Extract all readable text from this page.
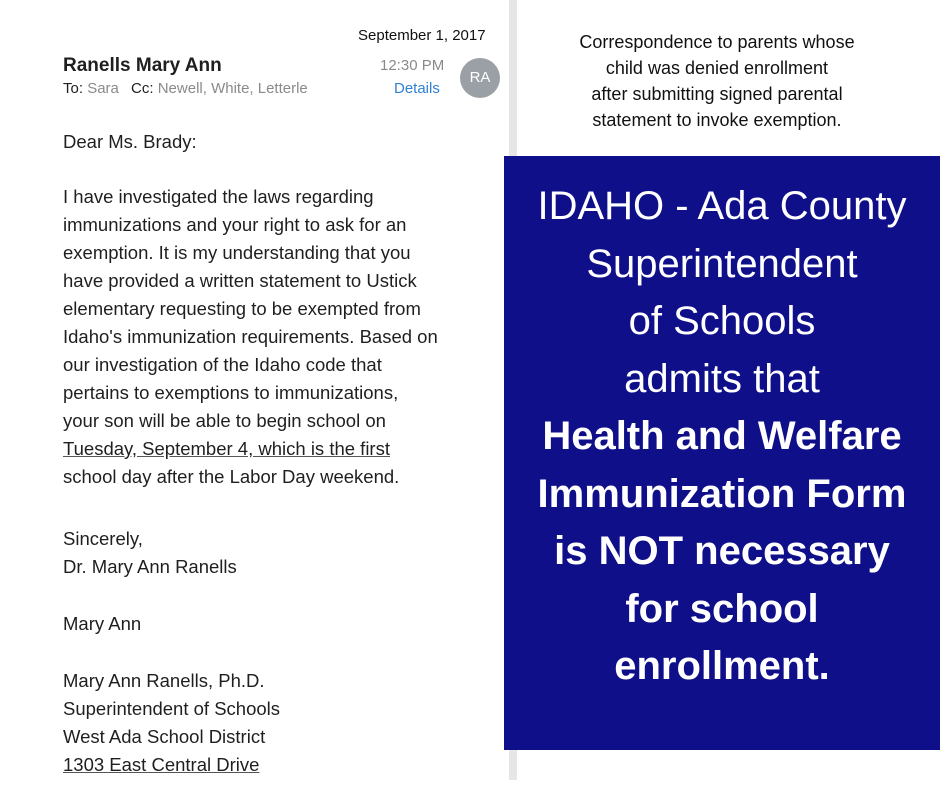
September 1, 2017
Ranells Mary Ann	12:30 PM
RA
To: Sara Cc: Newell, White, Letterle	Details
Dear Ms. Brady:
I have investigated the laws regarding
immunizations and your right to ask for an
exemption. It is my understanding that you
have provided a written statement to Ustick
elementary requesting to be exempted from
Idaho's immunization requirements. Based on
our investigation of the Idaho code that
pertains to exemptions to immunizations,
your son will be able to begin school on
Tuesday, September 4, which is the first
school day after the Labor Day weekend.
Sincerely,
Dr. Mary Ann Ranells
Mary Ann
Mary Ann Ranells, Ph.D.
Superintendent of Schools
West Ada School District
1303 East Central Drive
Correspondence to parents whose
child was denied enrollment
after submitting signed parental
statement to invoke exemption.
IDAHO - Ada County
Superintendent
of Schools
admits that
Health and Welfare
Immunization Form
is NOT necessary
for school
enrollment.
